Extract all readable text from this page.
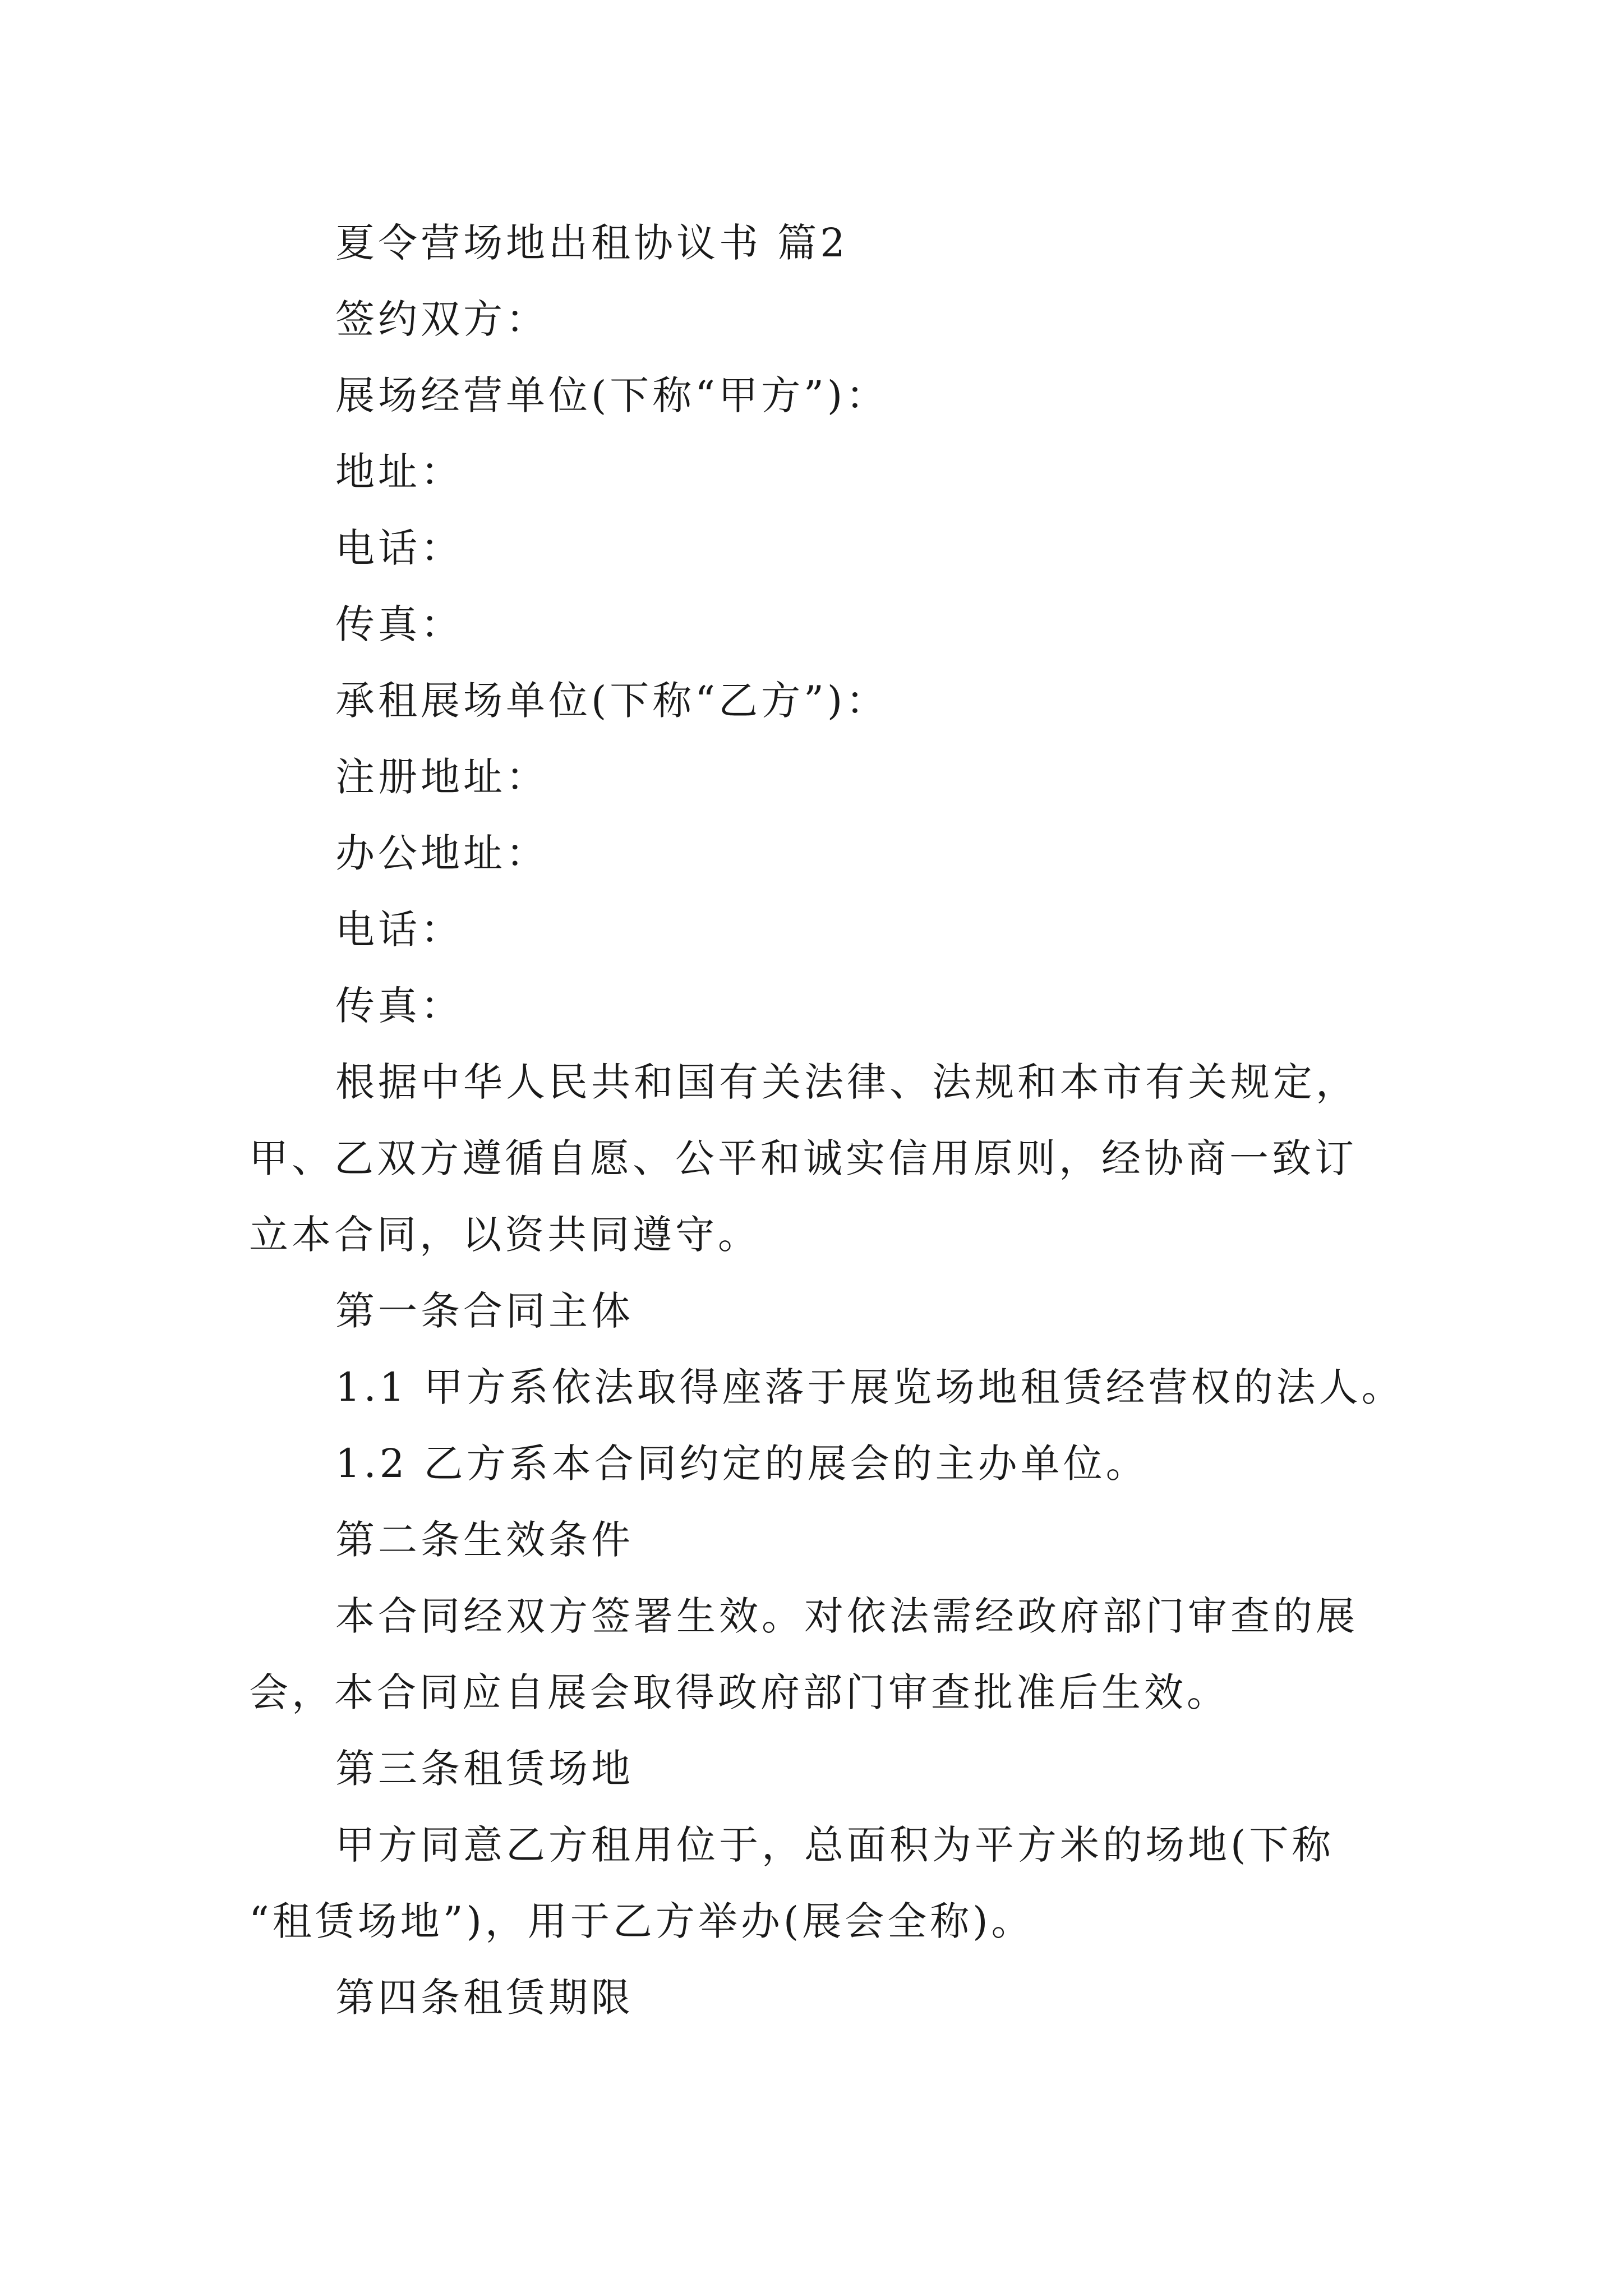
夏令营场地出租协议书 篇2
签约双方：
展场经营单位(下称“甲方”)：
地址：
电话：
传真：
承租展场单位(下称“乙方”)：
注册地址：
办公地址：
电话：
传真：
根据中华人民共和国有关法律、法规和本市有关规定，
甲、乙双方遵循自愿、公平和诚实信用原则，经协商一致订
立本合同，以资共同遵守。
第一条合同主体
1.1 甲方系依法取得座落于展览场地租赁经营权的法人。
1.2 乙方系本合同约定的展会的主办单位。
第二条生效条件
本合同经双方签署生效。对依法需经政府部门审查的展
会，本合同应自展会取得政府部门审查批准后生效。
第三条租赁场地
甲方同意乙方租用位于，总面积为平方米的场地(下称
“租赁场地”)，用于乙方举办(展会全称)。
第四条租赁期限
